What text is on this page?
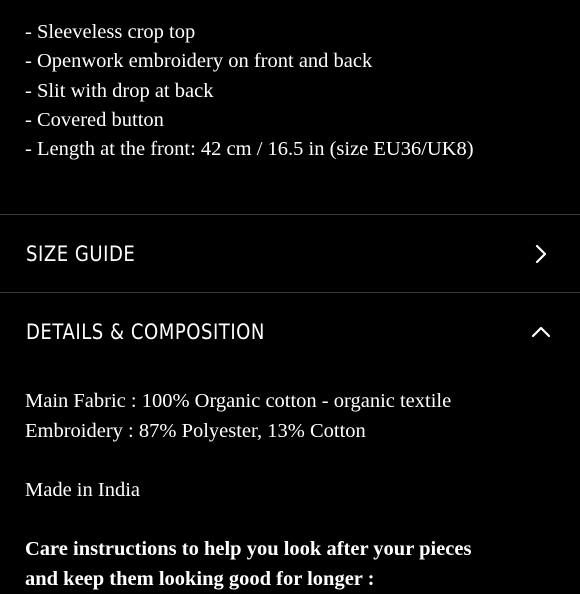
- Sleeveless crop top
- Openwork embroidery on front and back
- Slit with drop at back
- Covered button
- Length at the front: 42 cm / 16.5 in (size EU36/UK8)
SIZE GUIDE
DETAILS & COMPOSITION
Main Fabric : 100% Organic cotton - organic textile
Embroidery : 87% Polyester, 13% Cotton
Made in India
Care instructions to help you look after your pieces
and keep them looking good for longer :
